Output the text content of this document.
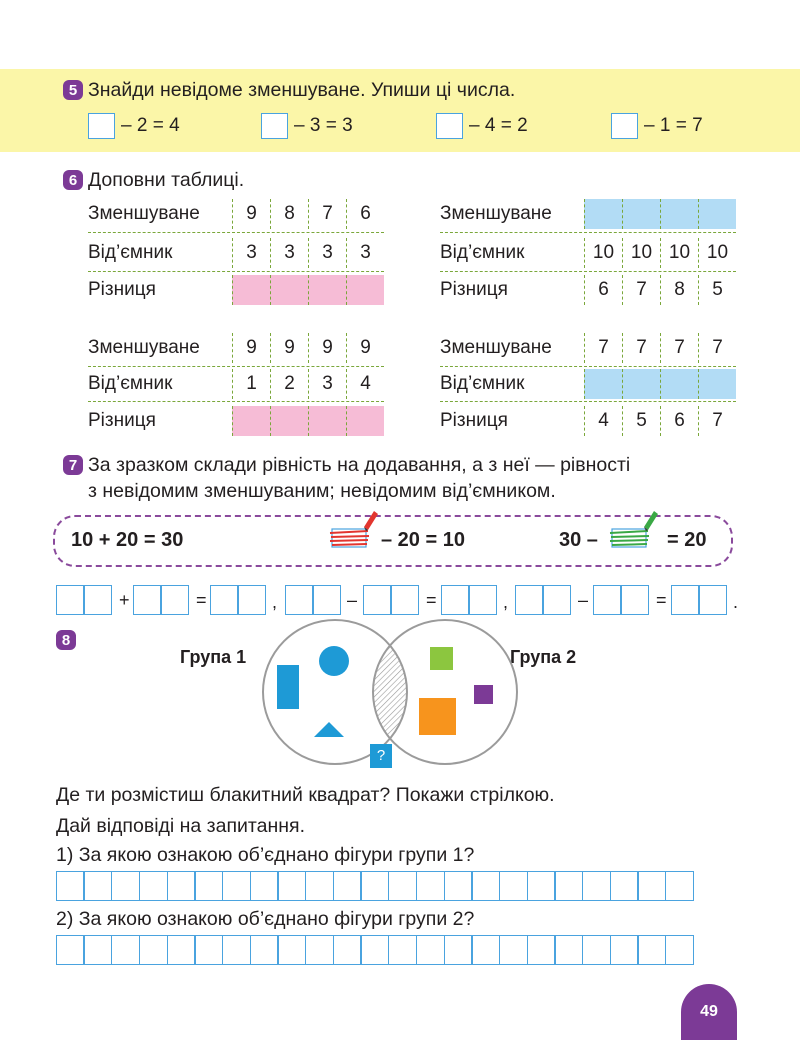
5 Знайди невідоме зменшуване. Упиши ці числа.
– 2 = 4	– 3 = 3	– 4 = 2	– 1 = 7
6 Доповни таблиці.
Зменшуване	9	8	7	6
Від’ємник	3	3	3	3
Різниця
Зменшуване
Від’ємник	10 10 10 10
Різниця	6	7	8	5
Зменшуване	9	9	9	9
Від’ємник	1	2	3	4
Різниця
Зменшуване	7	7	7	7
Від’ємник
Різниця	4	5	6	7
7 За зразком склади рівність на додавання, а з неї — рівності
з невідомим зменшуваним; невідомим від’ємником.
10 + 20 = 30	– 20 = 10	30 –	= 20
+	=	,	–	=	,	–	=	.
8
Група 1	Група 2
?
Де ти розмістиш блакитний квадрат? Покажи стрілкою.
Дай відповіді на запитання.
1) За якою ознакою об’єднано фігури групи 1?
2) За якою ознакою об’єднано фігури групи 2?
49
